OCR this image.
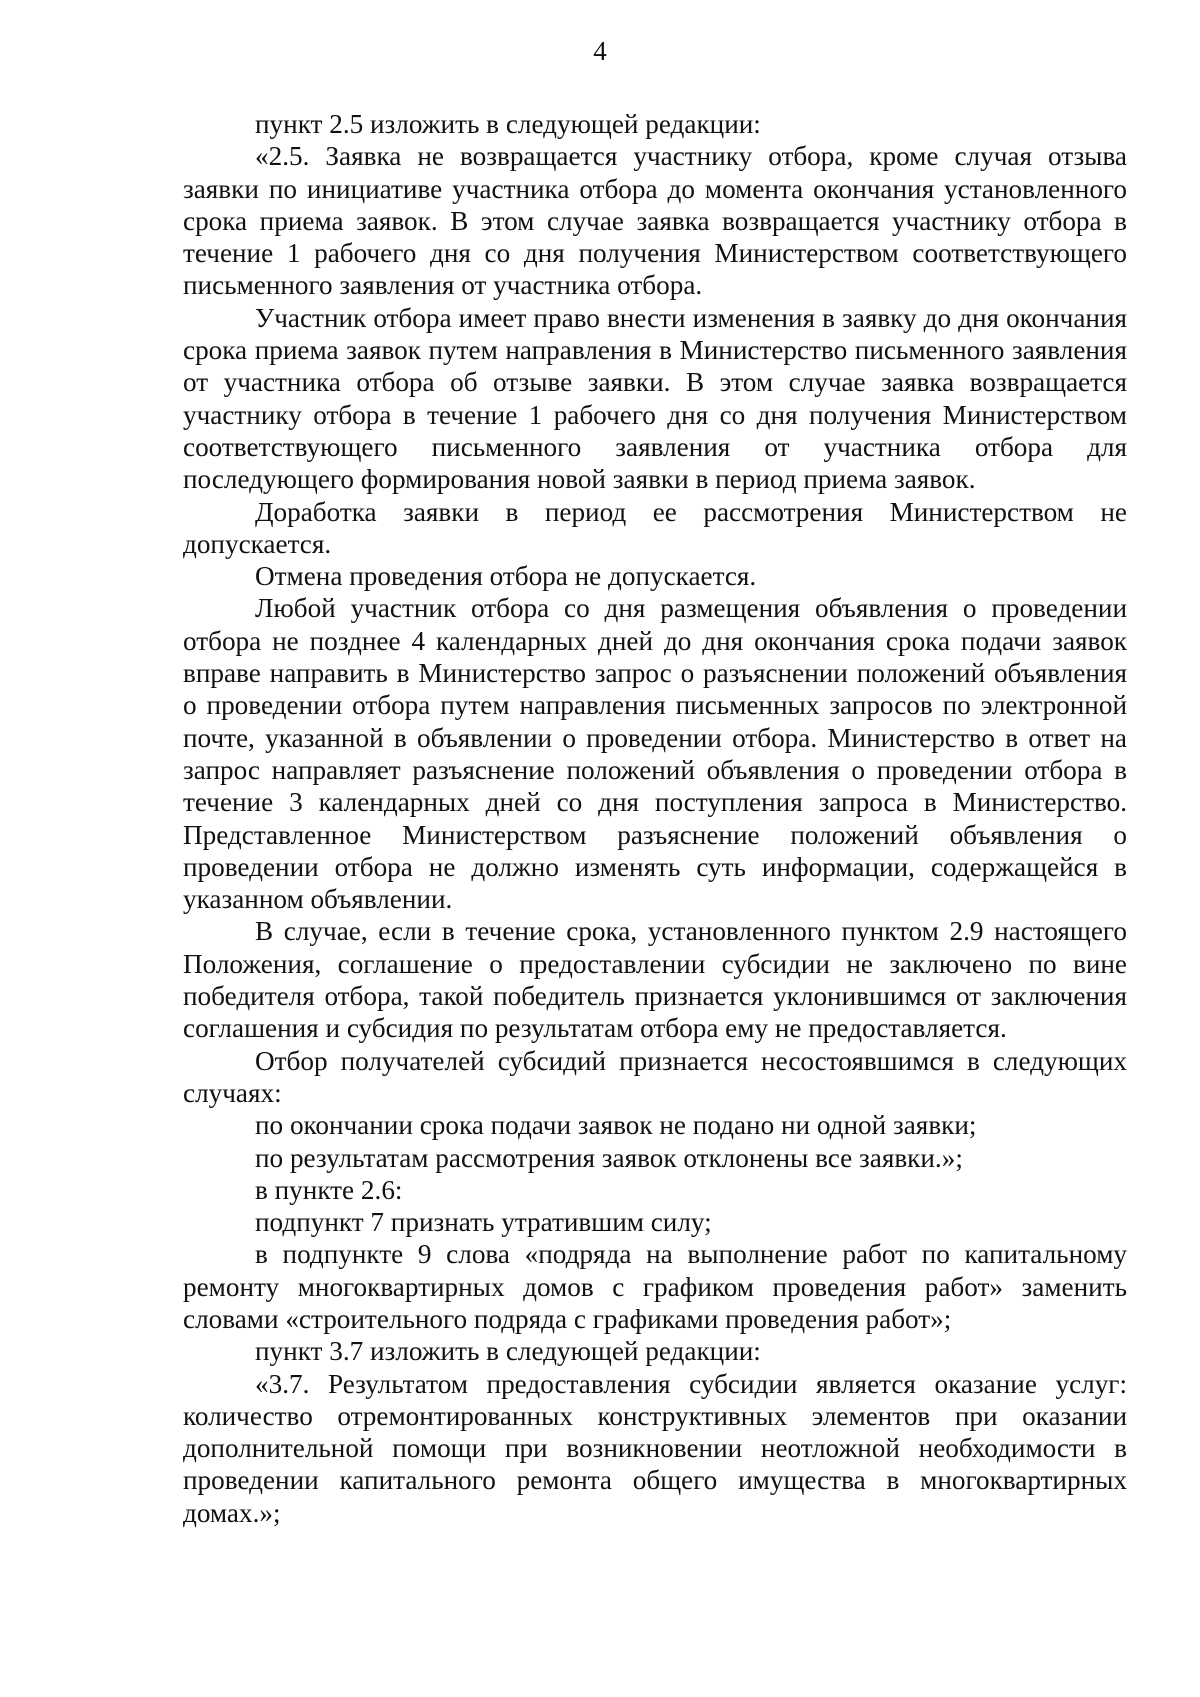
4

пункт 2.5 изложить в следующей редакции:

«2.5. Заявка не возвращается участнику отбора, кроме случая отзыва заявки по инициативе участника отбора до момента окончания установленного срока приема заявок. В этом случае заявка возвращается участнику отбора в течение 1 рабочего дня со дня получения Министерством соответствующего письменного заявления от участника отбора.

Участник отбора имеет право внести изменения в заявку до дня окончания срока приема заявок путем направления в Министерство письменного заявления от участника отбора об отзыве заявки. В этом случае заявка возвращается участнику отбора в течение 1 рабочего дня со дня получения Министерством соответствующего письменного заявления от участника отбора для последующего формирования новой заявки в период приема заявок.

Доработка заявки в период ее рассмотрения Министерством не допускается.

Отмена проведения отбора не допускается.

Любой участник отбора со дня размещения объявления о проведении отбора не позднее 4 календарных дней до дня окончания срока подачи заявок вправе направить в Министерство запрос о разъяснении положений объявления о проведении отбора путем направления письменных запросов по электронной почте, указанной в объявлении о проведении отбора. Министерство в ответ на запрос направляет разъяснение положений объявления о проведении отбора в течение 3 календарных дней со дня поступления запроса в Министерство. Представленное Министерством разъяснение положений объявления о проведении отбора не должно изменять суть информации, содержащейся в указанном объявлении.

В случае, если в течение срока, установленного пунктом 2.9 настоящего Положения, соглашение о предоставлении субсидии не заключено по вине победителя отбора, такой победитель признается уклонившимся от заключения соглашения и субсидия по результатам отбора ему не предоставляется.

Отбор получателей субсидий признается несостоявшимся в следующих случаях:

по окончании срока подачи заявок не подано ни одной заявки;

по результатам рассмотрения заявок отклонены все заявки.»;

в пункте 2.6:

подпункт 7 признать утратившим силу;

в подпункте 9 слова «подряда на выполнение работ по капитальному ремонту многоквартирных домов с графиком проведения работ» заменить словами «строительного подряда с графиками проведения работ»;

пункт 3.7 изложить в следующей редакции:

«3.7. Результатом предоставления субсидии является оказание услуг: количество отремонтированных конструктивных элементов при оказании дополнительной помощи при возникновении неотложной необходимости в проведении капитального ремонта общего имущества в многоквартирных домах.»;
